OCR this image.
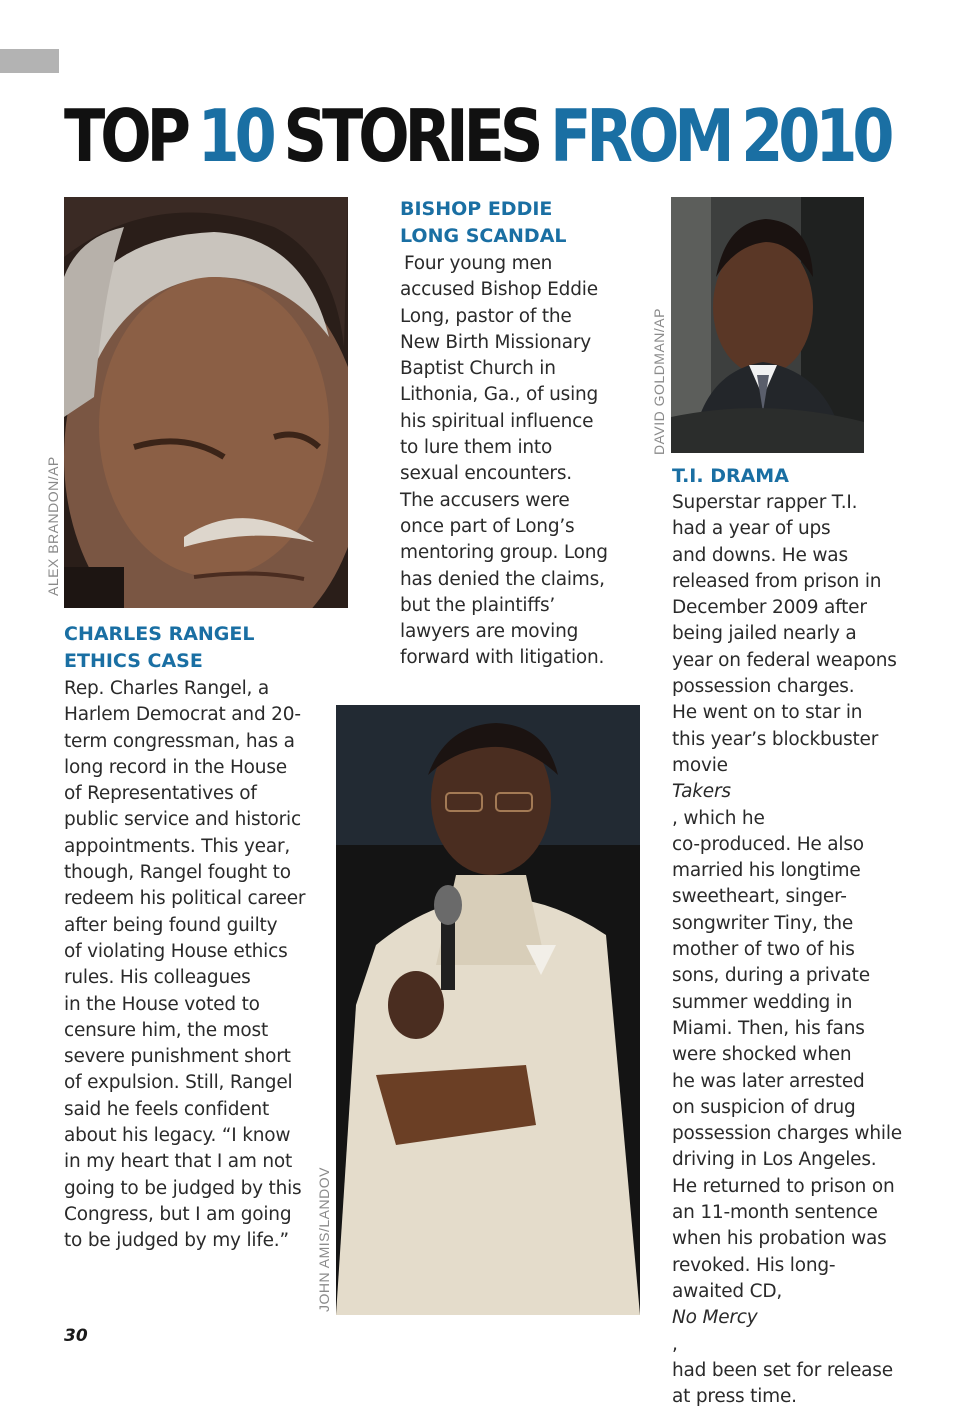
TOP 10 STORIES FROM 2010
ALEX BRANDON/AP
CHARLES RANGEL
ETHICS CASE

Rep. Charles Rangel, a
Harlem Democrat and 20-
term congressman, has a
long record in the House
of Representatives of
public service and historic
appointments. This year,
though, Rangel fought to
redeem his political career
after being found guilty
of violating House ethics
rules. His colleagues
in the House voted to
censure him, the most
severe punishment short
of expulsion. Still, Rangel
said he feels confident
about his legacy. “I know
in my heart that I am not
going to be judged by this
Congress, but I am going
to be judged by my life.”

BISHOP EDDIE
LONG SCANDAL

Four young men
accused Bishop Eddie
Long, pastor of the
New Birth Missionary
Baptist Church in
Lithonia, Ga., of using
his spiritual influence
to lure them into
sexual encounters.
The accusers were
once part of Long’s
mentoring group. Long
has denied the claims,
but the plaintiffs’
lawyers are moving
forward with litigation.

JOHN AMIS/LANDOV
DAVID GOLDMAN/AP
T.I. DRAMA

Superstar rapper T.I.
had a year of ups
and downs. He was
released from prison in
December 2009 after
being jailed nearly a
year on federal weapons
possession charges.
He went on to star in
this year’s blockbuster
movie
Takers
, which he
co-produced. He also
married his longtime
sweetheart, singer-
songwriter Tiny, the
mother of two of his
sons, during a private
summer wedding in
Miami. Then, his fans
were shocked when
he was later arrested
on suspicion of drug
possession charges while
driving in Los Angeles.
He returned to prison on
an 11-month sentence
when his probation was
revoked. His long-
awaited CD,
No Mercy
,
had been set for release
at press time.

30
